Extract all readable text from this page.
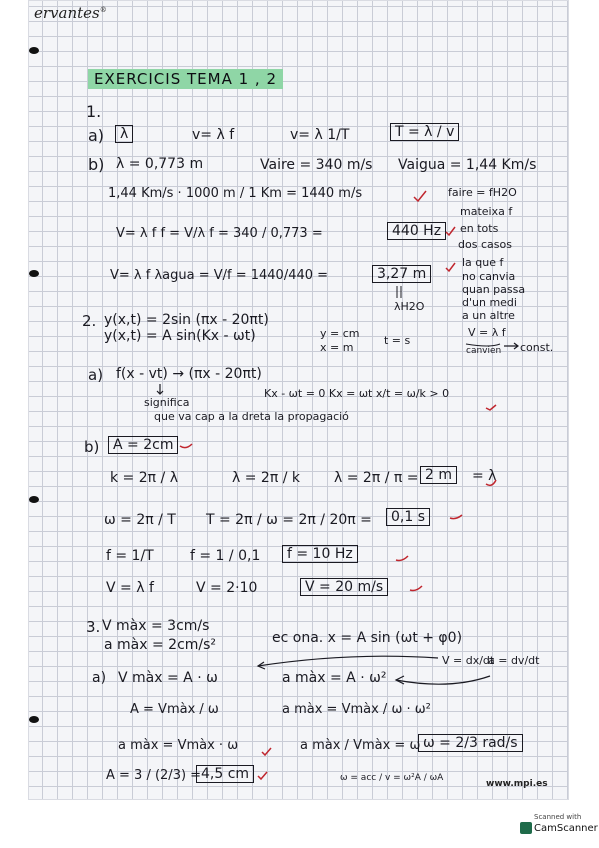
ervantes®
EXERCICIS TEMA 1 , 2
1.
a)	λ	v= λ f	v= λ 1/T	T = λ / v
b) λ = 0,773 m	Vaire = 340 m/s Vaigua = 1,44 Km/s
1,44 Km/s · 1000 m / 1 Km = 1440 m/s	faire = fH2O
V= λ f f = V/λ f = 340 / 0,773 =	440 Hz
mateixa f
en tots
dos casos
V= λ f λagua = V/f = 1440/440 =	3,27 m
λH2O
la que f
no canvia
quan passa
d'un medi
a un altre
V = λ f
canvien const.
2. y(x,t) = 2sin (πx - 20πt)
y(x,t) = A sin(Kx - ωt)	y = cm
x = m
t = s
a) f(x - vt) → (πx - 20πt)
Kx - ωt = 0 Kx = ωt x/t = ω/k > 0
significa
que va cap a la dreta la propagació
b) A = 2cm
k = 2π / λ	λ = 2π / k λ = 2π / π = 2 m	= λ
ω = 2π / T T = 2π / ω = 2π / 20π =	0,1 s
f = 1/T	f = 1 / 0,1	f = 10 Hz
V = λ f	V = 2·10	V = 20 m/s
3. V màx = 3cm/s
a màx = 2cm/s²	ec ona. x = A sin (ωt + φ0)
V = dx/dt
a = dv/dt
a) V màx = A · ω	a màx = A · ω²
A = Vmàx / ω	a màx = Vmàx / ω · ω²
a màx = Vmàx · ω	a màx / Vmàx = ω ω = 2/3 rad/s
A = 3 / (2/3) = 4,5 cm	ω = acc / v = ω²A / ωA
www.mpi.es
Scanned with
CamScanner
